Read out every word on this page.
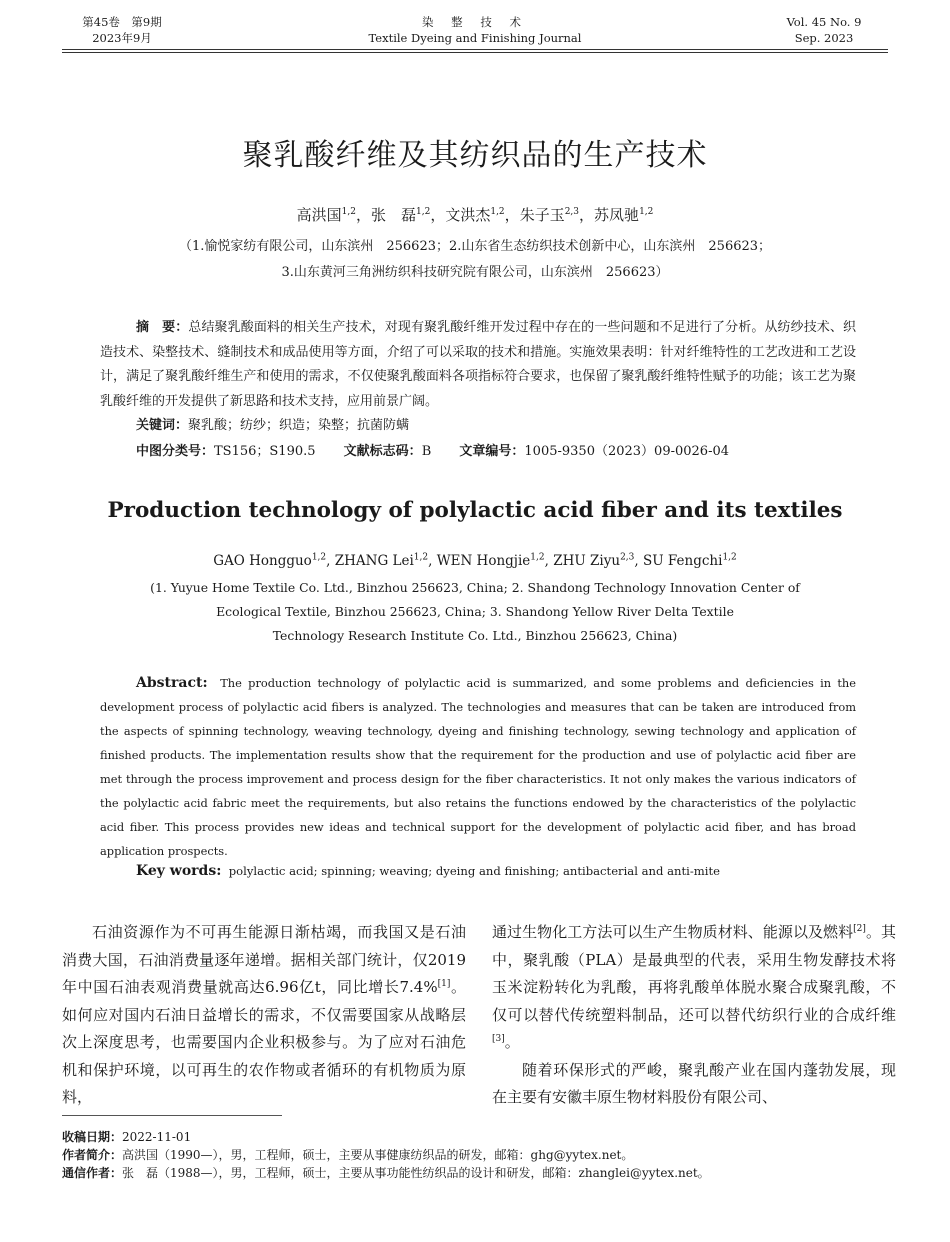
第45卷　第9期
2023年9月
染 整 技 术
Textile Dyeing and Finishing Journal
Vol. 45 No. 9
Sep. 2023
聚乳酸纤维及其纺织品的生产技术
高洪国$^{1,2}$，张　磊$^{1,2}$，文洪杰$^{1,2}$，朱子玉$^{2,3}$，苏凤驰$^{1,2}$
（1.愉悦家纺有限公司，山东滨州　256623；2.山东省生态纺织技术创新中心，山东滨州　256623；
3.山东黄河三角洲纺织科技研究院有限公司，山东滨州　256623）
摘　要：总结聚乳酸面料的相关生产技术，对现有聚乳酸纤维开发过程中存在的一些问题和不足进行了分析。从纺纱技术、织造技术、染整技术、缝制技术和成品使用等方面，介绍了可以采取的技术和措施。实施效果表明：针对纤维特性的工艺改进和工艺设计，满足了聚乳酸纤维生产和使用的需求，不仅使聚乳酸面料各项指标符合要求，也保留了聚乳酸纤维特性赋予的功能；该工艺为聚乳酸纤维的开发提供了新思路和技术支持，应用前景广阔。
关键词：聚乳酸；纺纱；织造；染整；抗菌防螨
中图分类号：TS156；S190.5 文献标志码：B 文章编号：1005-9350（2023）09-0026-04
Production technology of polylactic acid fiber and its textiles
GAO Hongguo$^{1,2}$, ZHANG Lei$^{1,2}$, WEN Hongjie$^{1,2}$, ZHU Ziyu$^{2,3}$, SU Fengchi$^{1,2}$
(1. Yuyue Home Textile Co. Ltd., Binzhou 256623, China; 2. Shandong Technology Innovation Center of
Ecological Textile, Binzhou 256623, China; 3. Shandong Yellow River Delta Textile
Technology Research Institute Co. Ltd., Binzhou 256623, China)
Abstract: The production technology of polylactic acid is summarized, and some problems and deficiencies in the development process of polylactic acid fibers is analyzed. The technologies and measures that can be taken are introduced from the aspects of spinning technology, weaving technology, dyeing and finishing technology, sewing technology and application of finished products. The implementation results show that the requirement for the production and use of polylactic acid fiber are met through the process improvement and process design for the fiber characteristics. It not only makes the various indicators of the polylactic acid fabric meet the requirements, but also retains the functions endowed by the characteristics of the polylactic acid fiber. This process provides new ideas and technical support for the development of polylactic acid fiber, and has broad application prospects.
Key words: polylactic acid; spinning; weaving; dyeing and finishing; antibacterial and anti-mite

石油资源作为不可再生能源日渐枯竭，而我国又是石油消费大国，石油消费量逐年递增。据相关部门统计，仅2019年中国石油表观消费量就高达6.96亿t，同比增长7.4%[1]。如何应对国内石油日益增长的需求，不仅需要国家从战略层次上深度思考，也需要国内企业积极参与。为了应对石油危机和保护环境，以可再生的农作物或者循环的有机物质为原料，

通过生物化工方法可以生产生物质材料、能源以及燃料[2]。其中，聚乳酸（PLA）是最典型的代表，采用生物发酵技术将玉米淀粉转化为乳酸，再将乳酸单体脱水聚合成聚乳酸，不仅可以替代传统塑料制品，还可以替代纺织行业的合成纤维[3]。

随着环保形式的严峻，聚乳酸产业在国内蓬勃发展，现在主要有安徽丰原生物材料股份有限公司、

收稿日期：2022-11-01
作者简介：高洪国（1990—），男，工程师，硕士，主要从事健康纺织品的研发，邮箱：ghg@yytex.net。
通信作者：张　磊（1988—），男，工程师，硕士，主要从事功能性纺织品的设计和研发，邮箱：zhanglei@yytex.net。
